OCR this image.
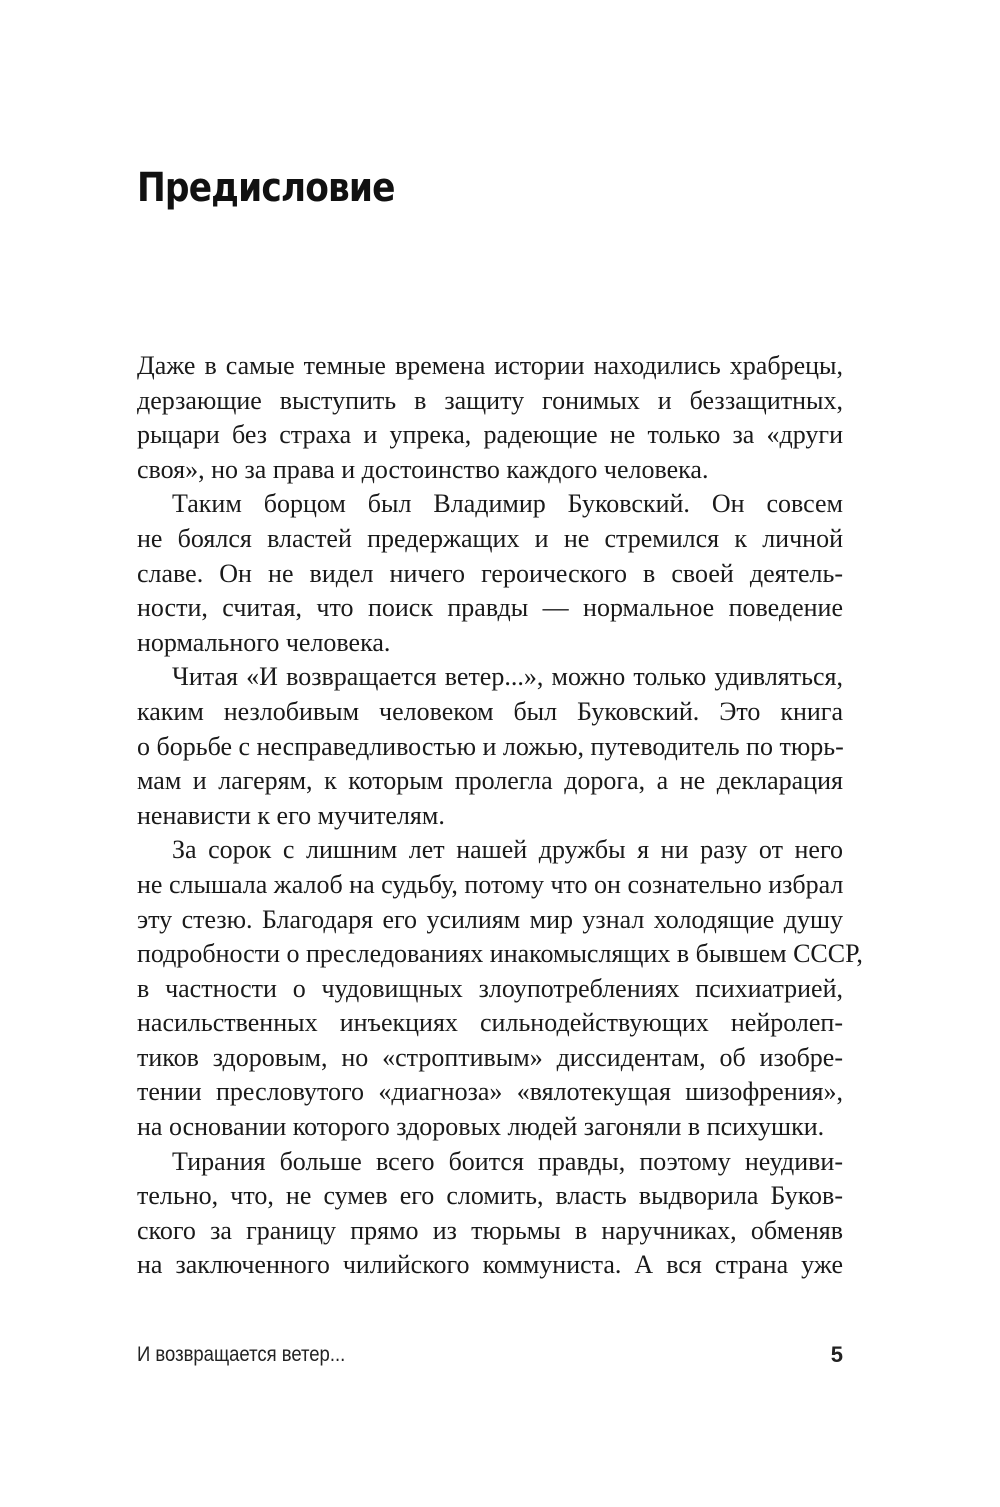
Предисловие

Даже в самые темные времена истории находились храбрецы,
дерзающие выступить в защиту гонимых и беззащитных,
рыцари без страха и упрека, радеющие не только за «други
своя», но за права и достоинство каждого человека.

Таким борцом был Владимир Буковский. Он совсем
не боялся властей предержащих и не стремился к личной
славе. Он не видел ничего героического в своей деятель-
ности, считая, что поиск правды — нормальное поведение
нормального человека.

Читая «И возвращается ветер...», можно только удивляться,
каким незлобивым человеком был Буковский. Это книга
о борьбе с несправедливостью и ложью, путеводитель по тюрь-
мам и лагерям, к которым пролегла дорога, а не декларация
ненависти к его мучителям.

За сорок с лишним лет нашей дружбы я ни разу от него
не слышала жалоб на судьбу, потому что он сознательно избрал
эту стезю. Благодаря его усилиям мир узнал холодящие душу
подробности о преследованиях инакомыслящих в бывшем СССР,
в частности о чудовищных злоупотреблениях психиатрией,
насильственных инъекциях сильнодействующих нейролеп-
тиков здоровым, но «строптивым» диссидентам, об изобре-
тении пресловутого «диагноза» «вялотекущая шизофрения»,
на основании которого здоровых людей загоняли в психушки.

Тирания больше всего боится правды, поэтому неудиви-
тельно, что, не сумев его сломить, власть выдворила Буков-
ского за границу прямо из тюрьмы в наручниках, обменяв
на заключенного чилийского коммуниста. А вся страна уже

И возвращается ветер...	5
